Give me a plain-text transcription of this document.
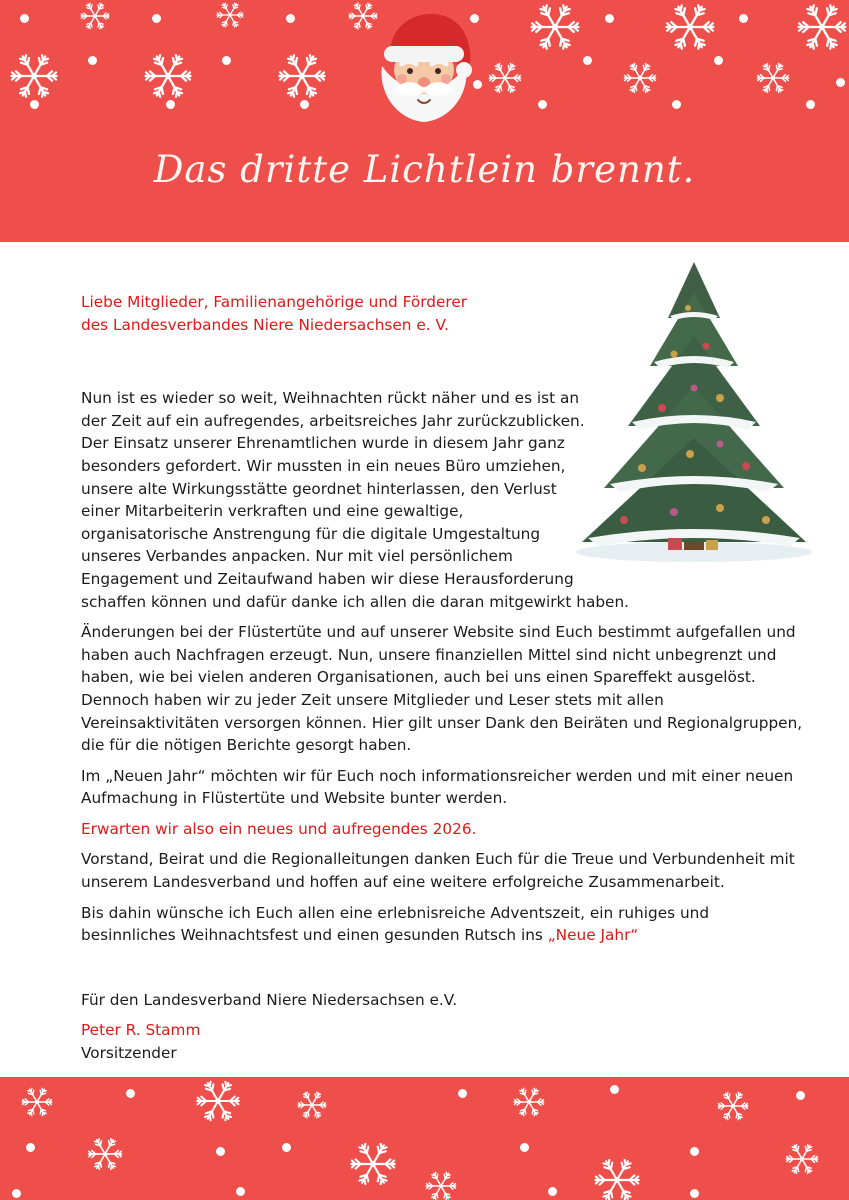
Das dritte Lichtlein brennt.

Liebe Mitglieder, Familienangehörige und Förderer
des Landesverbandes Niere Niedersachsen e. V.

Nun ist es wieder so weit, Weihnachten rückt näher und es ist an
der Zeit auf ein aufregendes, arbeitsreiches Jahr zurückzublicken.
Der Einsatz unserer Ehrenamtlichen wurde in diesem Jahr ganz
besonders gefordert. Wir mussten in ein neues Büro umziehen,
unsere alte Wirkungsstätte geordnet hinterlassen, den Verlust
einer Mitarbeiterin verkraften und eine gewaltige,
organisatorische Anstrengung für die digitale Umgestaltung
unseres Verbandes anpacken. Nur mit viel persönlichem
Engagement und Zeitaufwand haben wir diese Herausforderung

schaffen können und dafür danke ich allen die daran mitgewirkt haben.

Änderungen bei der Flüstertüte und auf unserer Website sind Euch bestimmt aufgefallen und haben auch Nachfragen erzeugt. Nun, unsere finanziellen Mittel sind nicht unbegrenzt und haben, wie bei vielen anderen Organisationen, auch bei uns einen Spareffekt ausgelöst. Dennoch haben wir zu jeder Zeit unsere Mitglieder und Leser stets mit allen Vereinsaktivitäten versorgen können. Hier gilt unser Dank den Beiräten und Regionalgruppen, die für die nötigen Berichte gesorgt haben.

Im „Neuen Jahr“ möchten wir für Euch noch informationsreicher werden und mit einer neuen Aufmachung in Flüstertüte und Website bunter werden.

Erwarten wir also ein neues und aufregendes 2026.

Vorstand, Beirat und die Regionalleitungen danken Euch für die Treue und Verbundenheit mit unserem Landesverband und hoffen auf eine weitere erfolgreiche Zusammenarbeit.

Bis dahin wünsche ich Euch allen eine erlebnisreiche Adventszeit, ein ruhiges und besinnliches Weihnachtsfest und einen gesunden Rutsch ins „Neue Jahr“

Für den Landesverband Niere Niedersachsen e.V.

Peter R. Stamm

Vorsitzender
